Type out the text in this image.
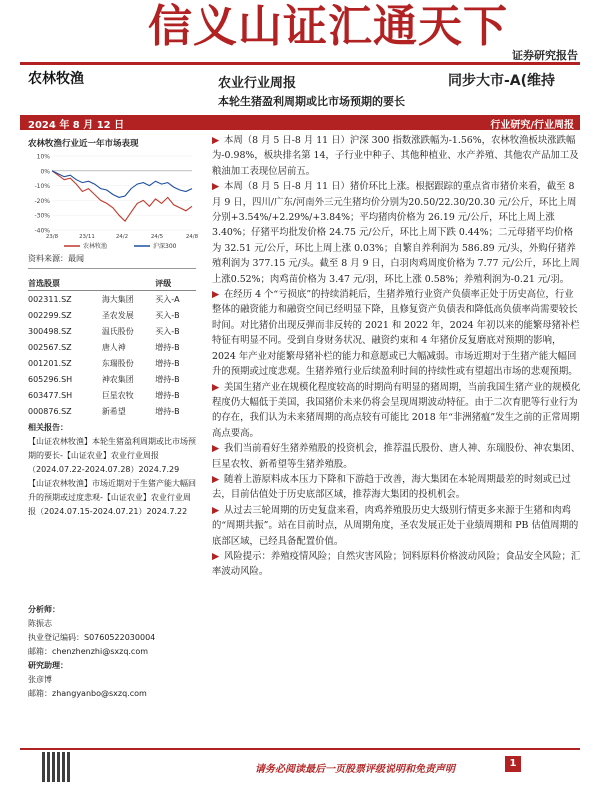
信义山证汇通天下
证券研究报告
农林牧渔	农业行业周报	同步大市-A(维持
本轮生猪盈利周期或比市场预期的要长
2024 年 8 月 12 日	行业研究/行业周报
农林牧渔行业近一年市场表现
10%
0%
-10%
-20%
-30%
-40%
23/8	23/11	24/2	24/5	24/8
农林牧渔	沪深300
资料来源：最闻
首选股票		评级
002311.SZ	海大集团	买入-A
002299.SZ	圣农发展	买入-B
300498.SZ	温氏股份	买入-B
002567.SZ	唐人神	增持-B
001201.SZ	东瑞股份	增持-B
605296.SH	神农集团	增持-B
603477.SH	巨星农牧	增持-B
000876.SZ	新希望	增持-B
相关报告：
【山证农林牧渔】本轮生猪盈利周期或比市场预期的要长-【山证农业】农业行业周报（2024.07.22-2024.07.28）2024.7.29
【山证农林牧渔】市场近期对于生猪产能大幅回升的预期或过度悲观-【山证农业】农业行业周报（2024.07.15-2024.07.21）2024.7.22
分析师：
陈振志
执业登记编码：S0760522030004
邮箱：chenzhenzhi@sxzq.com
研究助理：
张彦博
邮箱：zhangyanbo@sxzq.com

▶ 本周（8 月 5 日-8 月 11 日）沪深 300 指数涨跌幅为-1.56%，农林牧渔板块涨跌幅为-0.98%，板块排名第 14，子行业中种子、其他种植业、水产养殖、其他农产品加工及粮油加工表现位居前五。

▶ 本周（8 月 5 日-8 月 11 日）猪价环比上涨。根据跟踪的重点省市猪价来看，截至 8 月 9 日，四川/广东/河南外三元生猪均价分别为20.50/22.30/20.30 元/公斤，环比上周分别+3.54%/+2.29%/+3.84%；平均猪肉价格为 26.19 元/公斤，环比上周上涨 3.40%；仔猪平均批发价格 24.75 元/公斤，环比上周下跌 0.44%；二元母猪平均价格为 32.51 元/公斤，环比上周上涨 0.03%；自繁自养利润为 586.89 元/头，外购仔猪养殖利润为 377.15 元/头。截至 8 月 9 日，白羽肉鸡周度价格为 7.77 元/公斤，环比上周上涨0.52%；肉鸡苗价格为 3.47 元/羽，环比上涨 0.58%；养殖利润为-0.21 元/羽。

▶ 在经历 4 个“亏损底”的持续消耗后，生猪养殖行业资产负债率正处于历史高位，行业整体的融资能力和融资空间已经明显下降，且修复资产负债表和降低高负债率尚需要较长时间。对比猪价出现反弹而非反转的 2021 和 2022 年，2024 年初以来的能繁母猪补栏特征有明显不同。受到自身财务状况、融资约束和 4 年猪价反复磨底对预期的影响，2024 年产业对能繁母猪补栏的能力和意愿或已大幅减弱。市场近期对于生猪产能大幅回升的预期或过度悲观。生猪养殖行业后续盈利时间的持续性或有望超出市场的悲观预期。

▶ 美国生猪产业在规模化程度较高的时期尚有明显的猪周期，当前我国生猪产业的规模化程度仍大幅低于美国，我国猪价未来仍将会呈现周期波动特征。由于二次育肥等行业行为的存在，我们认为未来猪周期的高点较有可能比 2018 年“非洲猪瘟”发生之前的正常周期高点要高。

▶ 我们当前看好生猪养殖股的投资机会，推荐温氏股份、唐人神、东瑞股份、神农集团、巨星农牧、新希望等生猪养殖股。

▶ 随着上游原料成本压力下降和下游趋于改善，海大集团在本轮周期最差的时刻或已过去，目前估值处于历史底部区域，推荐海大集团的投机机会。

▶ 从过去三轮周期的历史复盘来看，肉鸡养殖股历史大级别行情更多来源于生猪和肉鸡的“周期共振”。站在目前时点，从周期角度，圣农发展正处于业绩周期和 PB 估值周期的底部区域，已经具备配置价值。

▶ 风险提示：养殖疫情风险；自然灾害风险；饲料原料价格波动风险；食品安全风险；汇率波动风险。

请务必阅读最后一页股票评级说明和免责声明
1
